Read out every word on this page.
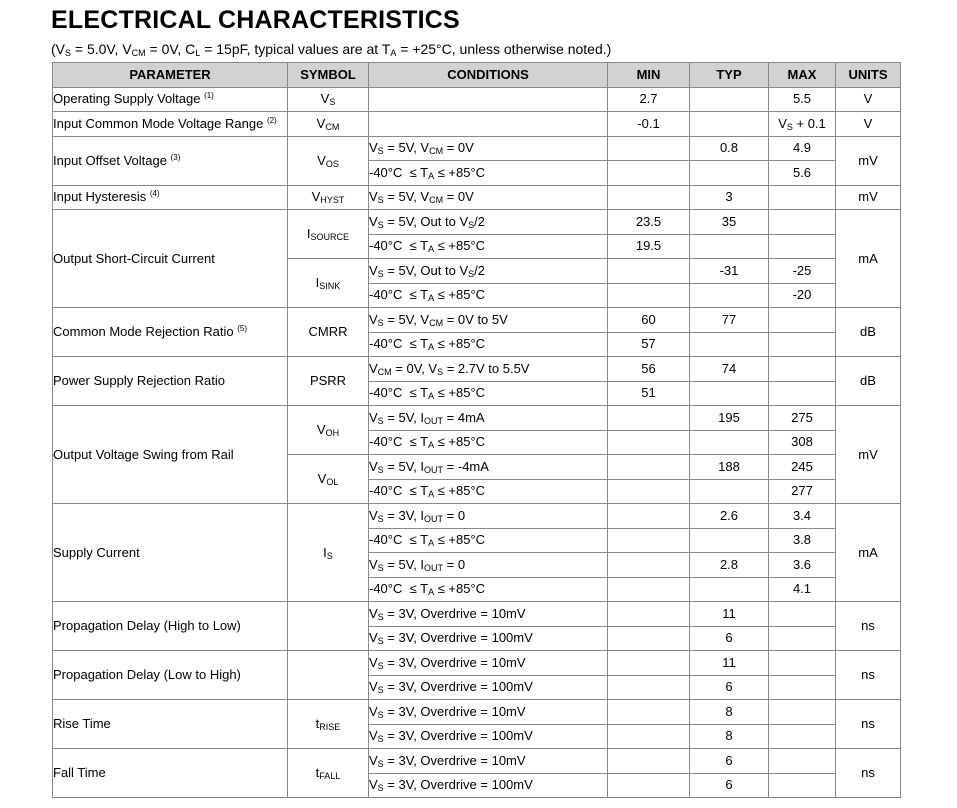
ELECTRICAL CHARACTERISTICS
($V_S = 5.0V$, $V_{CM} = 0V$, $C_L = 15pF$, typical values are at $T_A = +25^\circ C$, unless otherwise noted.)
PARAMETER	SYMBOL	CONDITIONS	MIN	TYP	MAX	UNITS
Operating Supply Voltage $^{(1)}$	$V_S$		2.7		5.5	V
Input Common Mode Voltage Range $^{(2)}$	$V_{CM}$		-0.1		$V_S + 0.1$	V
Input Offset Voltage $^{(3)}$	$V_{OS}$	$V_S = 5V$, $V_{CM} = 0V$		0.8	4.9	mV
		$-40^\circ C \le T_A \le +85^\circ C$			5.6	
Input Hysteresis $^{(4)}$	$V_{HYST}$	$V_S = 5V$, $V_{CM} = 0V$		3		mV
Output Short-Circuit Current	$I_{SOURCE}$	$V_S = 5V$, Out to $V_S/2$	23.5	35		mA
		$-40^\circ C \le T_A \le +85^\circ C$	19.5			
	$I_{SINK}$	$V_S = 5V$, Out to $V_S/2$		-31	-25	
		$-40^\circ C \le T_A \le +85^\circ C$			-20	
Common Mode Rejection Ratio $^{(5)}$	CMRR	$V_S = 5V$, $V_{CM} = 0V$ to 5V	60	77		dB
		$-40^\circ C \le T_A \le +85^\circ C$	57			
Power Supply Rejection Ratio	PSRR	$V_{CM} = 0V$, $V_S = 2.7V$ to 5.5V	56	74		dB
		$-40^\circ C \le T_A \le +85^\circ C$	51			
Output Voltage Swing from Rail	$V_{OH}$	$V_S = 5V$, $I_{OUT} = 4mA$		195	275	mV
		$-40^\circ C \le T_A \le +85^\circ C$			308	
	$V_{OL}$	$V_S = 5V$, $I_{OUT} = -4mA$		188	245	
		$-40^\circ C \le T_A \le +85^\circ C$			277	
Supply Current	$I_S$	$V_S = 3V$, $I_{OUT} = 0$		2.6	3.4	mA
		$-40^\circ C \le T_A \le +85^\circ C$			3.8	
		$V_S = 5V$, $I_{OUT} = 0$		2.8	3.6	
		$-40^\circ C \le T_A \le +85^\circ C$			4.1	
Propagation Delay (High to Low)		$V_S = 3V$, Overdrive = 10mV		11		ns
		$V_S = 3V$, Overdrive = 100mV		6		
Propagation Delay (Low to High)		$V_S = 3V$, Overdrive = 10mV		11		ns
		$V_S = 3V$, Overdrive = 100mV		6		
Rise Time	$t_{RISE}$	$V_S = 3V$, Overdrive = 10mV		8		ns
		$V_S = 3V$, Overdrive = 100mV		8		
Fall Time	$t_{FALL}$	$V_S = 3V$, Overdrive = 10mV		6		ns
		$V_S = 3V$, Overdrive = 100mV		6		
